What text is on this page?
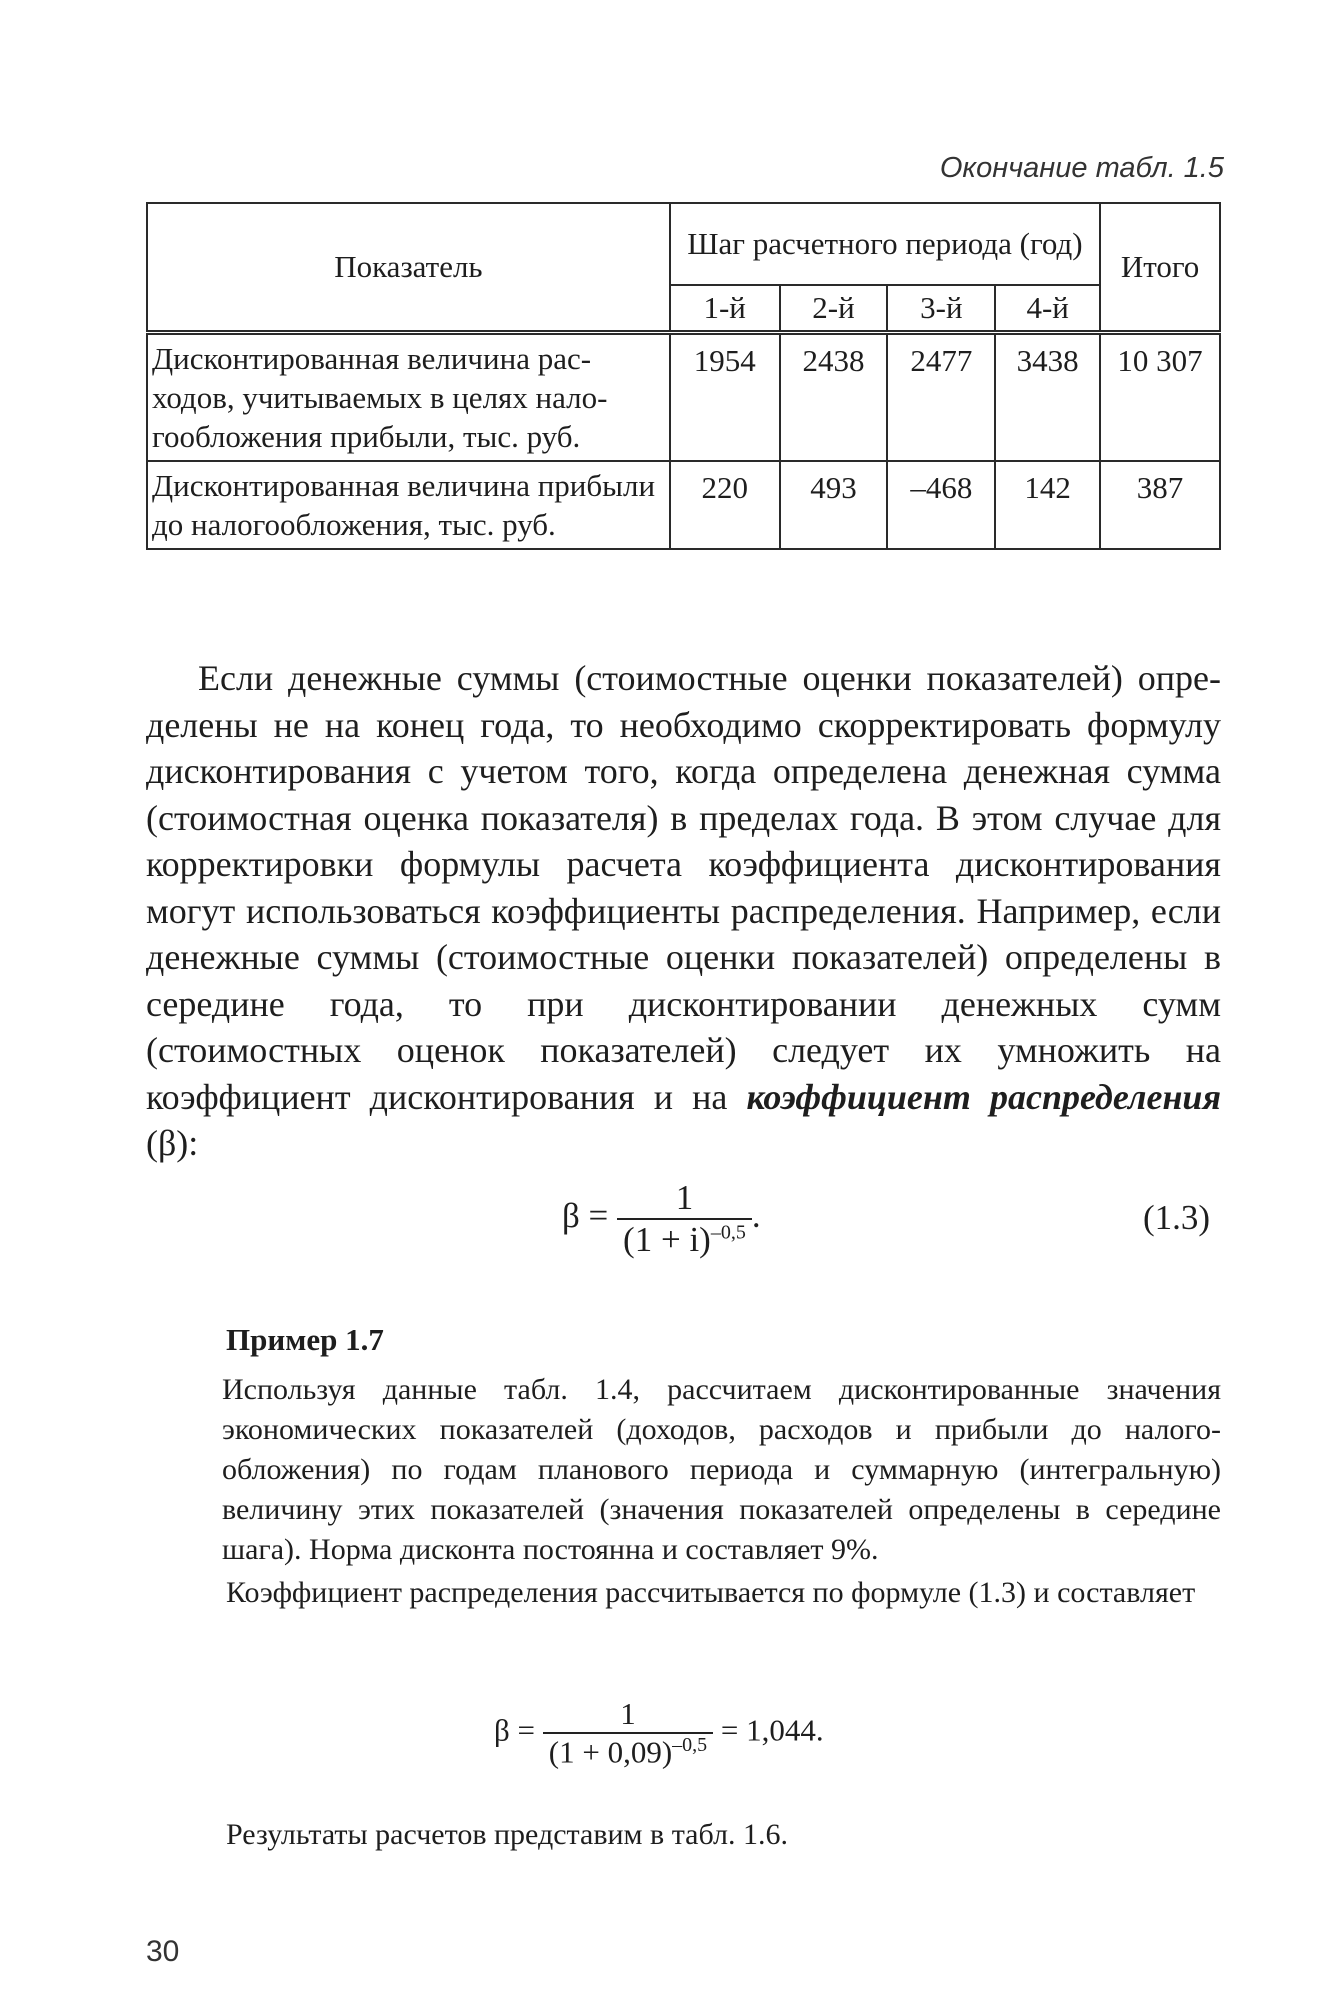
Окончание табл. 1.5
Показатель	Шаг расчетного периода (год)				Итого
	1-й	2-й	3-й	4-й	
Дисконтированная величина расходов, учитываемых в целях налогообложения прибыли, тыс. руб.	1954	2438	2477	3438	10 307
Дисконтированная величина прибыли до налогообложения, тыс. руб.	220	493	–468	142	387

Если денежные суммы (стоимостные оценки показателей) определены не на конец года, то необходимо скорректировать формулу дисконтирования с учетом того, когда определена денежная сумма (стоимостная оценка показателя) в пределах года. В этом случае для корректировки формулы расчета коэффициента дисконтирования могут использоваться коэффициенты распределения. Например, если денежные суммы (стоимостные оценки показателей) определены в середине года, то при дисконтировании денежных сумм (стоимостных оценок показателей) следует их умножить на коэффициент дисконтирования и на коэффициент распределения (β):

$\beta = \frac{1}{(1 + i)^{-0,5}}$ .	(1.3)
Пример 1.7

Используя данные табл. 1.4, рассчитаем дисконтированные значения экономических показателей (доходов, расходов и прибыли до налогообложения) по годам планового периода и суммарную (интегральную) величину этих показателей (значения показателей определены в середине шага). Норма дисконта постоянна и составляет 9%.

Коэффициент распределения рассчитывается по формуле (1.3) и составляет

$\beta = \frac{1}{(1 + 0,09)^{-0,5}} = 1,044$.

Результаты расчетов представим в табл. 1.6.

30
